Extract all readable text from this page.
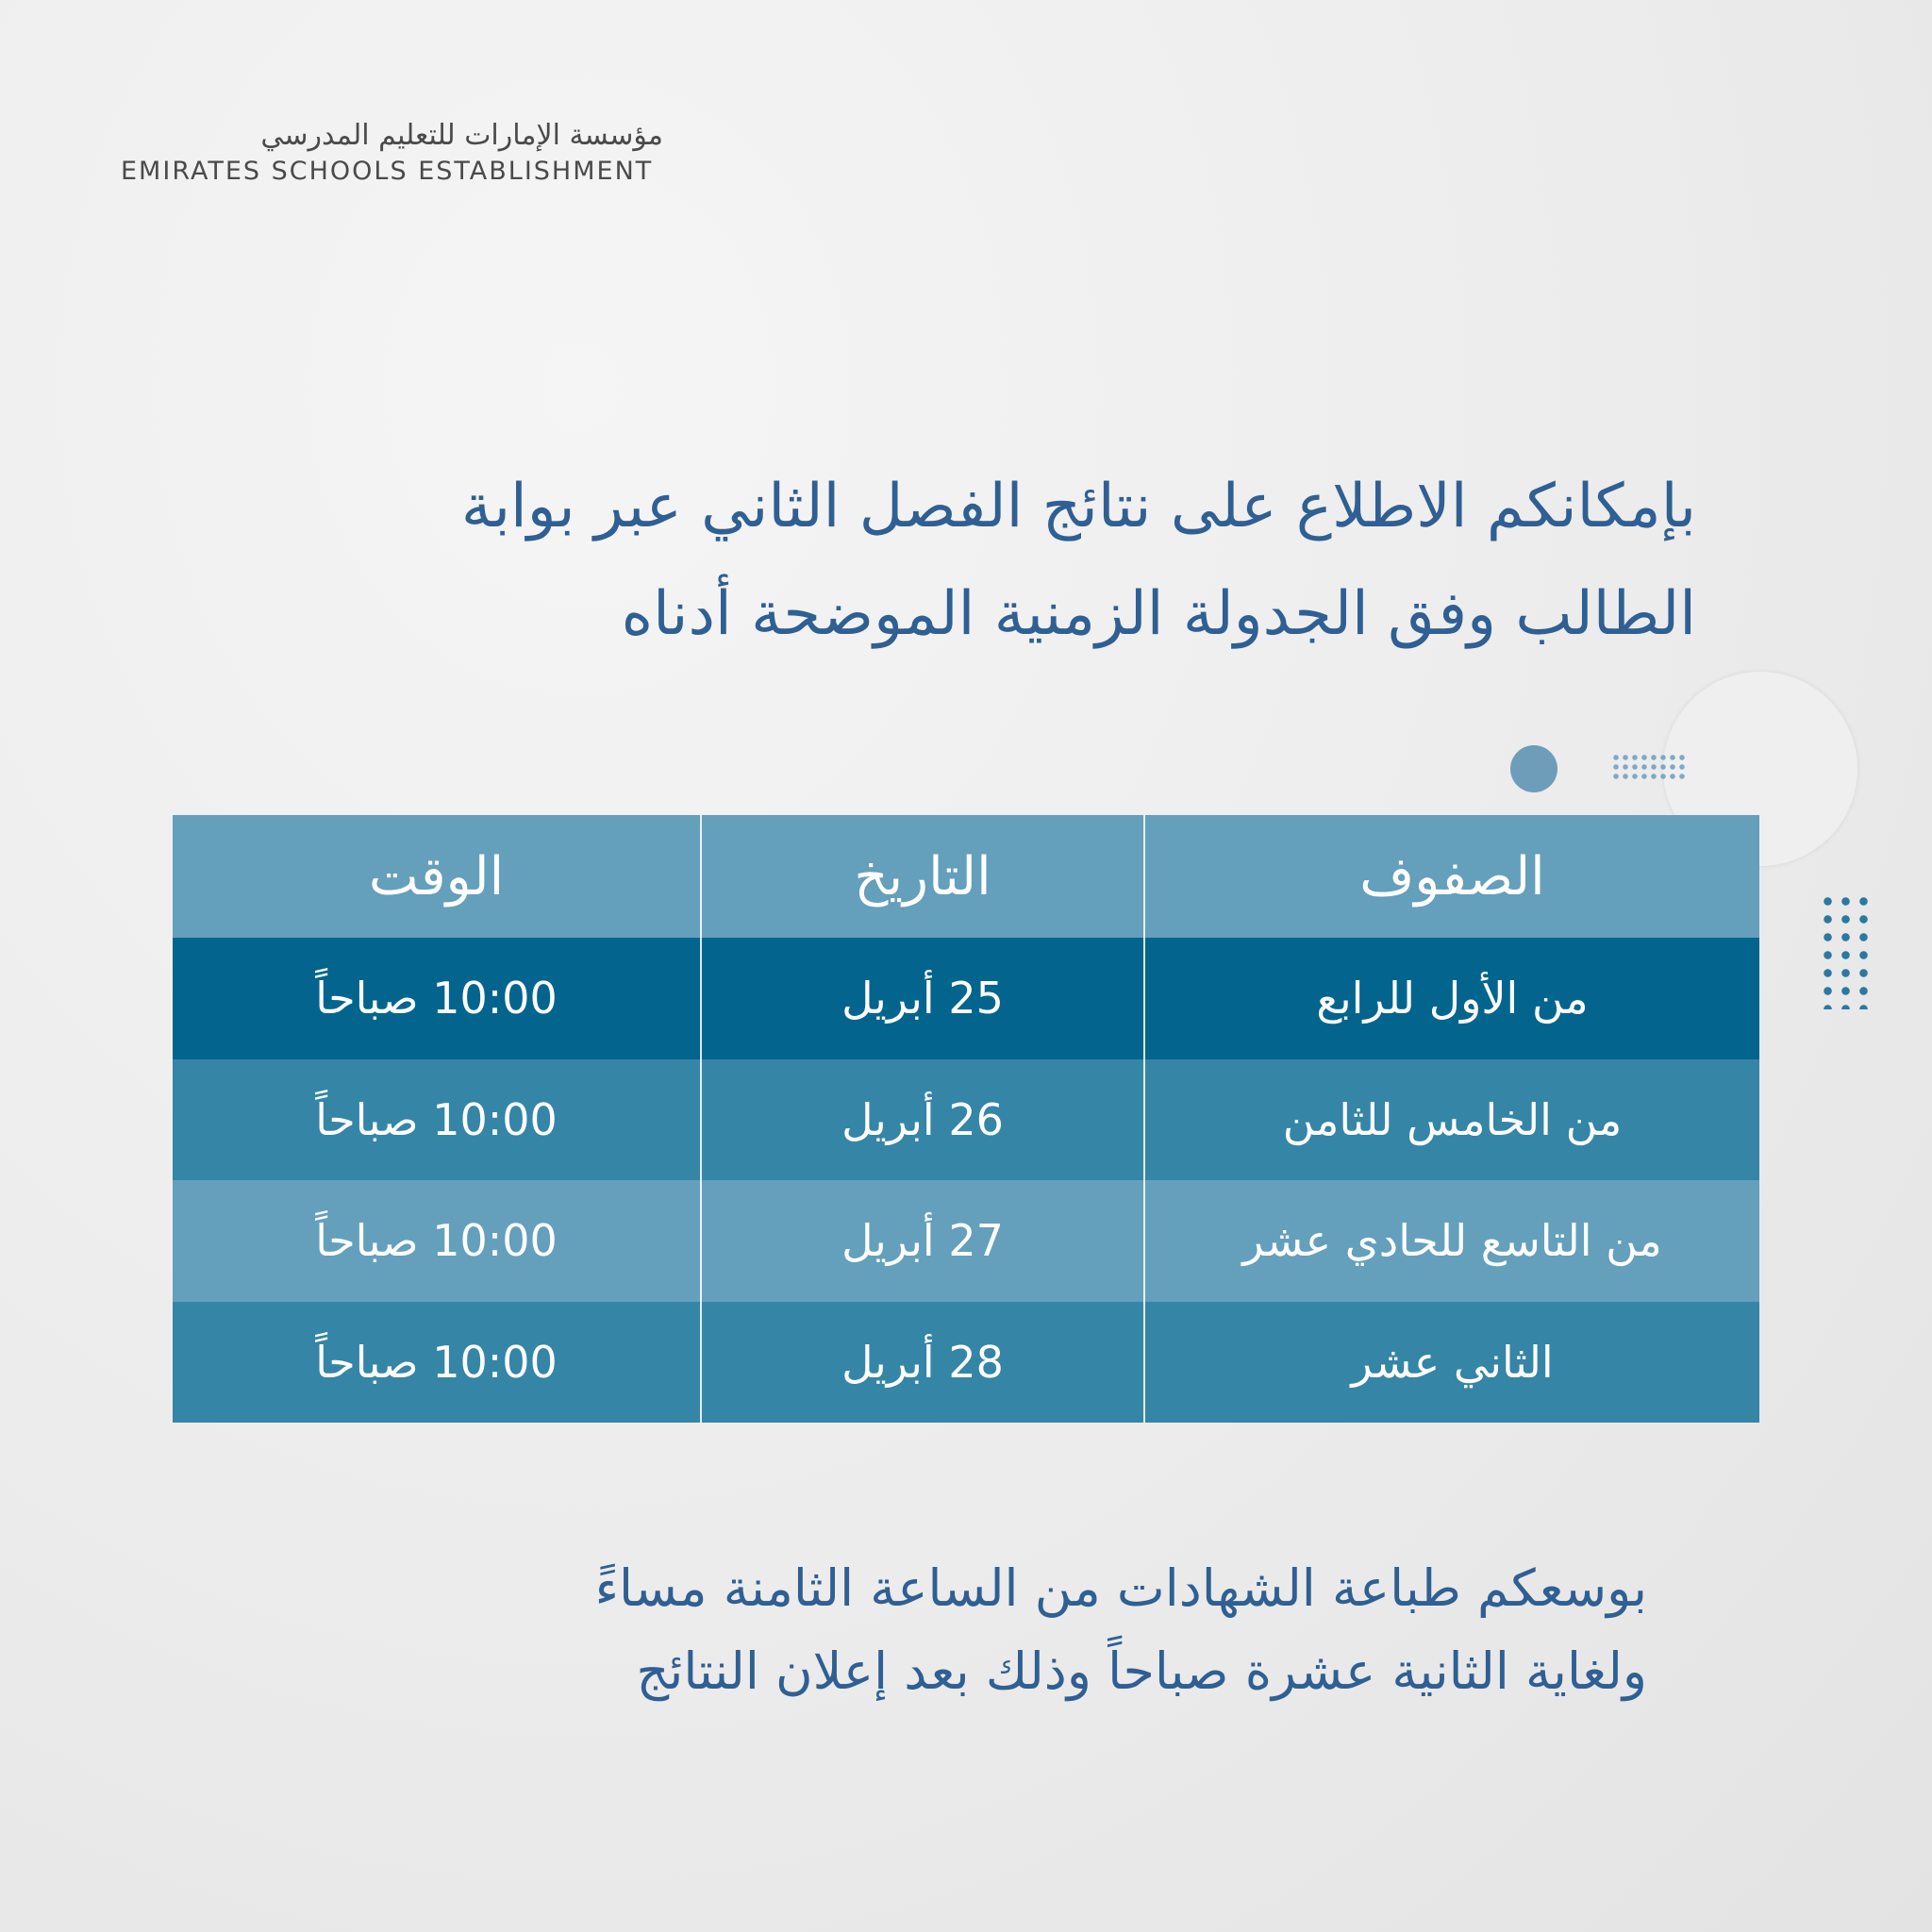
مؤسسة الإمارات للتعليم المدرسي
EMIRATES SCHOOLS ESTABLISHMENT
بإمكانكم الاطلاع على نتائج الفصل الثاني عبر بوابة
الطالب وفق الجدولة الزمنية الموضحة أدناه
الصفوف	التاريخ	الوقت
من الأول للرابع	25 أبريل	10:00 صباحاً
من الخامس للثامن	26 أبريل	10:00 صباحاً
من التاسع للحادي عشر	27 أبريل	10:00 صباحاً
الثاني عشر	28 أبريل	10:00 صباحاً
بوسعكم طباعة الشهادات من الساعة الثامنة مساءً
ولغاية الثانية عشرة صباحاً وذلك بعد إعلان النتائج
